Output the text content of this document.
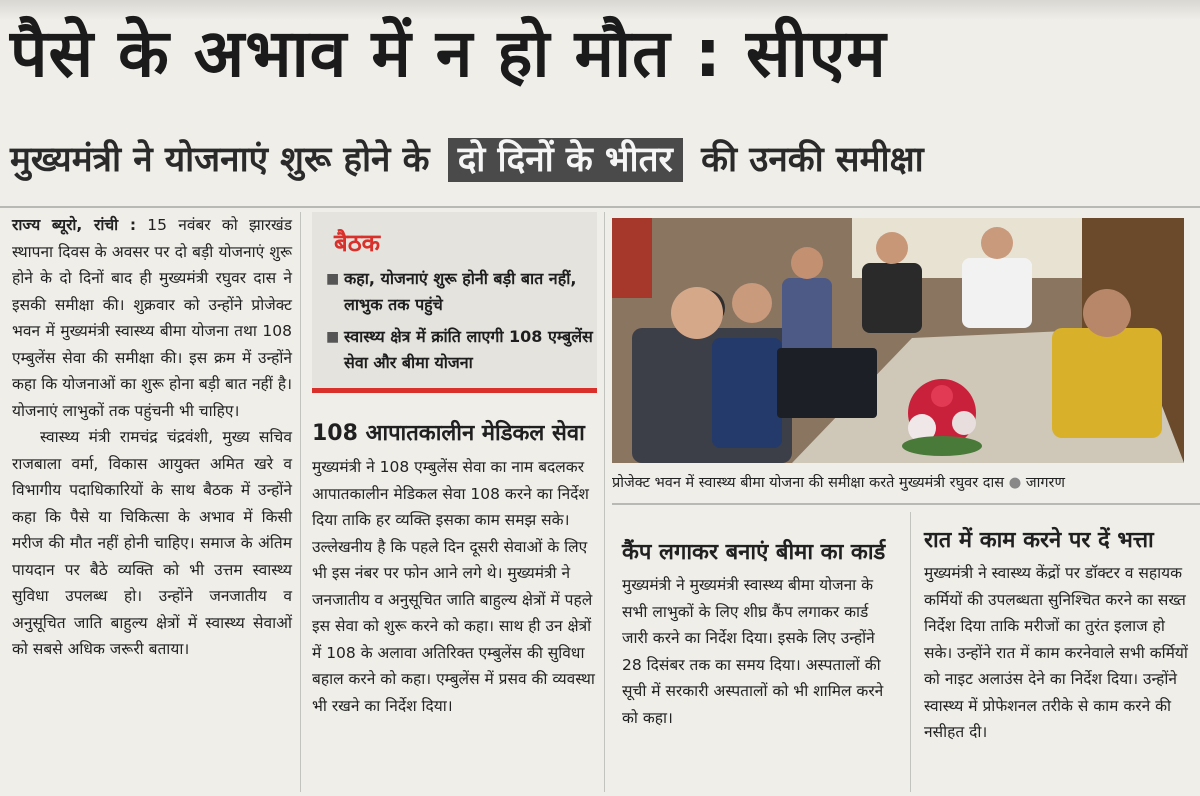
पैसे के अभाव में न हो मौत : सीएम
मुख्यमंत्री ने योजनाएं शुरू होने के दो दिनों के भीतर की उनकी समीक्षा

राज्य ब्यूरो, रांची : 15 नवंबर को झारखंड स्थापना दिवस के अवसर पर दो बड़ी योजनाएं शुरू होने के दो दिनों बाद ही मुख्यमंत्री रघुवर दास ने इसकी समीक्षा की। शुक्रवार को उन्होंने प्रोजेक्ट भवन में मुख्यमंत्री स्वास्थ्य बीमा योजना तथा 108 एम्बुलेंस सेवा की समीक्षा की। इस क्रम में उन्होंने कहा कि योजनाओं का शुरू होना बड़ी बात नहीं है। योजनाएं लाभुकों तक पहुंचनी भी चाहिए।

स्वास्थ्य मंत्री रामचंद्र चंद्रवंशी, मुख्य सचिव राजबाला वर्मा, विकास आयुक्त अमित खरे व विभागीय पदाधिकारियों के साथ बैठक में उन्होंने कहा कि पैसे या चिकित्सा के अभाव में किसी मरीज की मौत नहीं होनी चाहिए। समाज के अंतिम पायदान पर बैठे व्यक्ति को भी उत्तम स्वास्थ्य सुविधा उपलब्ध हो। उन्होंने जनजातीय व अनुसूचित जाति बाहुल्य क्षेत्रों में स्वास्थ्य सेवाओं को सबसे अधिक जरूरी बताया।

बैठक
■ कहा, योजनाएं शुरू होनी बड़ी बात नहीं, लाभुक तक पहुंचे
■ स्वास्थ्य क्षेत्र में क्रांति लाएगी 108 एम्बुलेंस सेवा और बीमा योजना
108 आपातकालीन मेडिकल सेवा
मुख्यमंत्री ने 108 एम्बुलेंस सेवा का नाम बदलकर आपातकालीन मेडिकल सेवा 108 करने का निर्देश दिया ताकि हर व्यक्ति इसका काम समझ सके। उल्लेखनीय है कि पहले दिन दूसरी सेवाओं के लिए भी इस नंबर पर फोन आने लगे थे। मुख्यमंत्री ने जनजातीय व अनुसूचित जाति बाहुल्य क्षेत्रों में पहले इस सेवा को शुरू करने को कहा। साथ ही उन क्षेत्रों में 108 के अलावा अतिरिक्त एम्बुलेंस की सुविधा बहाल करने को कहा। एम्बुलेंस में प्रसव की व्यवस्था भी रखने का निर्देश दिया।
प्रोजेक्ट भवन में स्वास्थ्य बीमा योजना की समीक्षा करते मुख्यमंत्री रघुवर दास ● जागरण
कैंप लगाकर बनाएं बीमा का कार्ड
मुख्यमंत्री ने मुख्यमंत्री स्वास्थ्य बीमा योजना के सभी लाभुकों के लिए शीघ्र कैंप लगाकर कार्ड जारी करने का निर्देश दिया। इसके लिए उन्होंने 28 दिसंबर तक का समय दिया। अस्पतालों की सूची में सरकारी अस्पतालों को भी शामिल करने को कहा।
रात में काम करने पर दें भत्ता
मुख्यमंत्री ने स्वास्थ्य केंद्रों पर डॉक्टर व सहायक कर्मियों की उपलब्धता सुनिश्चित करने का सख्त निर्देश दिया ताकि मरीजों का तुरंत इलाज हो सके। उन्होंने रात में काम करनेवाले सभी कर्मियों को नाइट अलाउंस देने का निर्देश दिया। उन्होंने स्वास्थ्य में प्रोफेशनल तरीके से काम करने की नसीहत दी।
